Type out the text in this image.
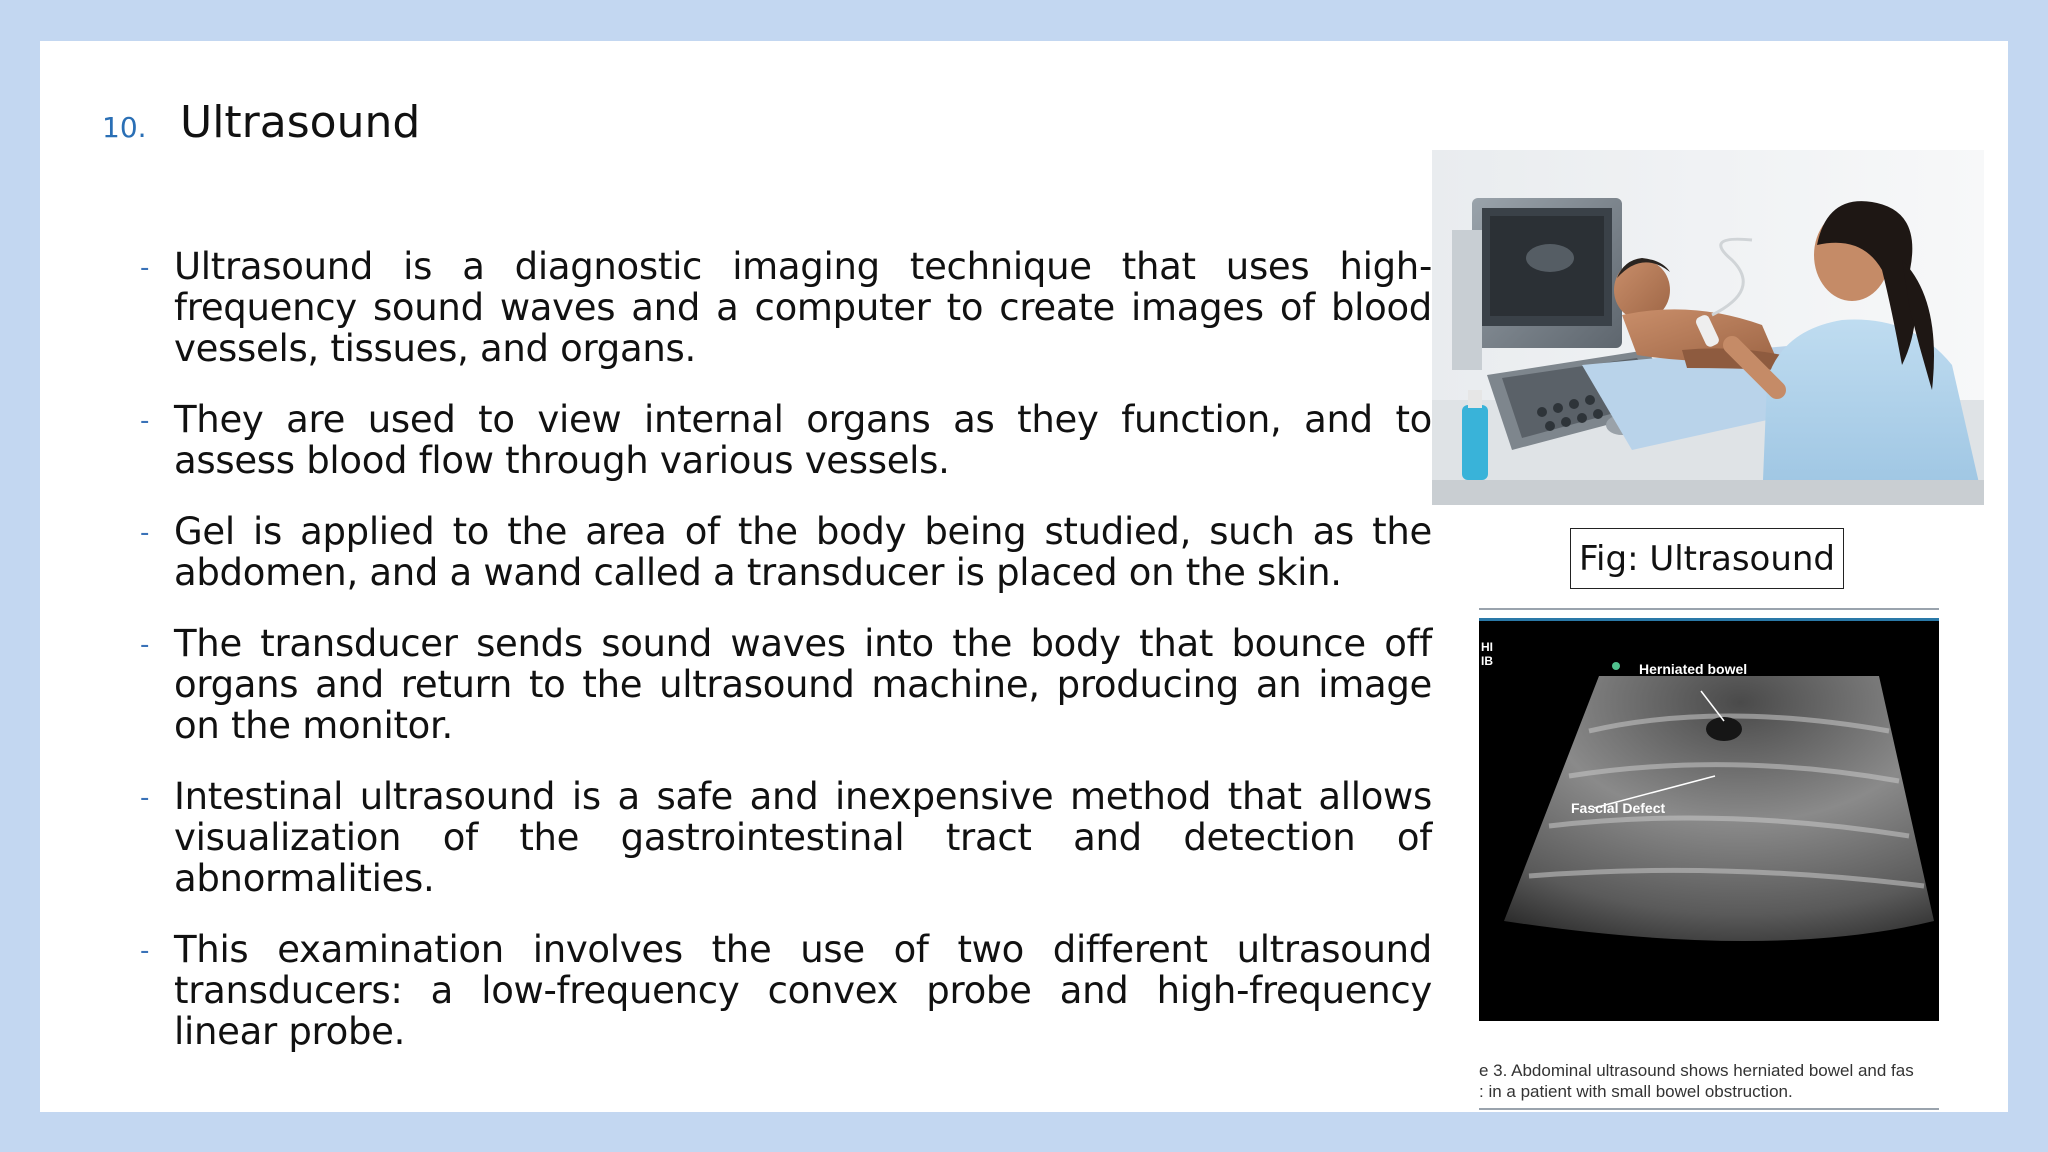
10. Ultrasound
- Ultrasound is a diagnostic imaging technique that uses high-frequency sound waves and a computer to create images of blood vessels, tissues, and organs.
- They are used to view internal organs as they function, and to assess blood flow through various vessels.
- Gel is applied to the area of the body being studied, such as the abdomen, and a wand called a transducer is placed on the skin.
- The transducer sends sound waves into the body that bounce off organs and return to the ultrasound machine, producing an image on the monitor.
- Intestinal ultrasound is a safe and inexpensive method that allows visualization of the gastrointestinal tract and detection of abnormalities.
- This examination involves the use of two different ultrasound transducers: a low-frequency convex probe and high-frequency linear probe.
Fig: Ultrasound
HI
IB	Herniated bowel
Fascial Defect
e 3. Abdominal ultrasound shows herniated bowel and fas
: in a patient with small bowel obstruction.
